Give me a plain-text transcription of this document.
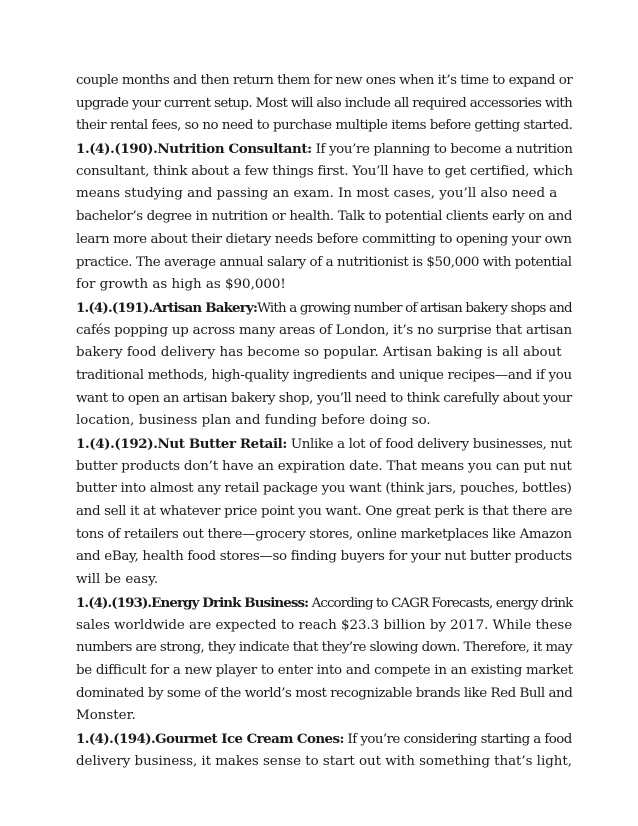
couple months and then return them for new ones when it’s time to expand or
upgrade your current setup. Most will also include all required accessories with
their rental fees, so no need to purchase multiple items before getting started.
1.(4).(190).Nutrition Consultant: If you’re planning to become a nutrition
consultant, think about a few things first. You’ll have to get certified, which
means studying and passing an exam. In most cases, you’ll also need a
bachelor’s degree in nutrition or health. Talk to potential clients early on and
learn more about their dietary needs before committing to opening your own
practice. The average annual salary of a nutritionist is $50,000 with potential
for growth as high as $90,000!
1.(4).(191).Artisan Bakery:With a growing number of artisan bakery shops and
cafés popping up across many areas of London, it’s no surprise that artisan
bakery food delivery has become so popular. Artisan baking is all about
traditional methods, high-quality ingredients and unique recipes—and if you
want to open an artisan bakery shop, you’ll need to think carefully about your
location, business plan and funding before doing so.
1.(4).(192).Nut Butter Retail: Unlike a lot of food delivery businesses, nut
butter products don’t have an expiration date. That means you can put nut
butter into almost any retail package you want (think jars, pouches, bottles)
and sell it at whatever price point you want. One great perk is that there are
tons of retailers out there—grocery stores, online marketplaces like Amazon
and eBay, health food stores—so finding buyers for your nut butter products
will be easy.
1.(4).(193).Energy Drink Business: According to CAGR Forecasts, energy drink
sales worldwide are expected to reach $23.3 billion by 2017. While these
numbers are strong, they indicate that they’re slowing down. Therefore, it may
be difficult for a new player to enter into and compete in an existing market
dominated by some of the world’s most recognizable brands like Red Bull and
Monster.
1.(4).(194).Gourmet Ice Cream Cones: If you’re considering starting a food
delivery business, it makes sense to start out with something that’s light,
